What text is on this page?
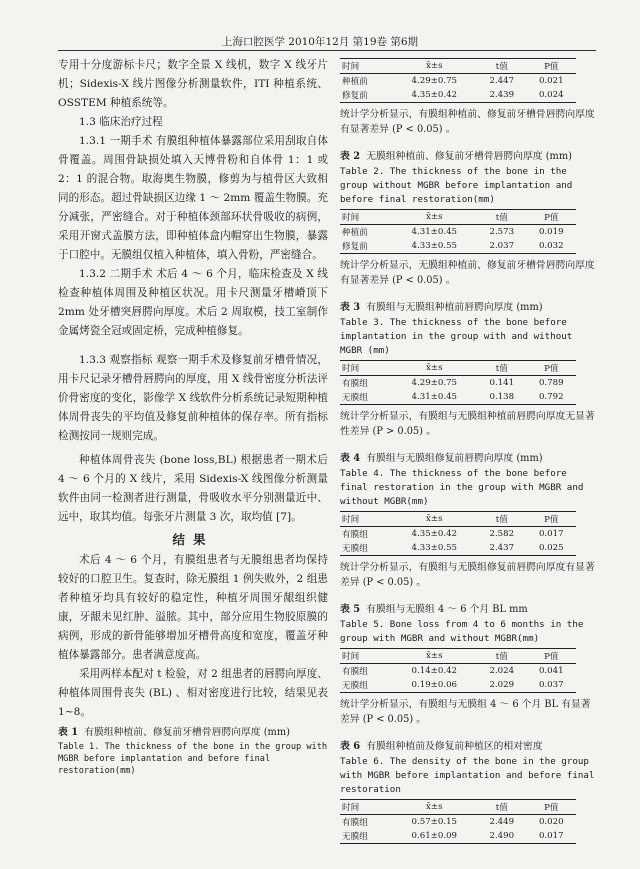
上海口腔医学 2010年12月 第19卷 第6期

专用十分度游标卡尺；数字全景 X 线机，数字 X 线牙片机；Sidexis-X 线片图像分析测量软件，ITI 种植系统、OSSTEM 种植系统等。

1.3 临床治疗过程

1.3.1 一期手术 有膜组种植体暴露部位采用刮取自体骨覆盖。周围骨缺损处填入天博骨粉和自体骨 1：1 或 2：1 的混合物。取海奥生物膜，修剪为与植骨区大致相同的形态。超过骨缺损区边缘 1 ～ 2mm 覆盖生物膜。充分减张，严密缝合。对于种植体颈部环状骨吸收的病例，采用开窗式盖膜方法，即种植体盒内帽穿出生物膜，暴露于口腔中。无膜组仅植入种植体，填入骨粉，严密缝合。

1.3.2 二期手术 术后 4 ～ 6 个月，临床检查及 X 线检查种植体周围及种植区状况。用卡尺测量牙槽嵴顶下 2mm 处牙槽突唇腭向厚度。术后 2 周取模，技工室制作金属烤瓷全冠或固定桥，完成种植修复。

1.3.3 观察指标 观察一期手术及修复前牙槽骨情况，用卡尺记录牙槽骨唇腭向的厚度，用 X 线骨密度分析法评价骨密度的变化，影像学 X 线软件分析系统记录短期种植体周骨丧失的平均值及修复前种植体的保存率。所有指标检测按同一规则完成。

种植体周骨丧失 (bone loss,BL) 根据患者一期术后 4 ～ 6 个月的 X 线片，采用 Sidexis-X 线图像分析测量软件由同一检测者进行测量，骨吸收水平分别测量近中、远中，取其均值。每张牙片测量 3 次，取均值 [7]。

结果

术后 4 ～ 6 个月，有膜组患者与无膜组患者均保持较好的口腔卫生。复查时，除无膜组 1 例失败外，2 组患者种植牙均具有较好的稳定性，种植牙周围牙龈组织健康，牙龈未见红肿、溢脓。其中，部分应用生物胶原膜的病例，形成的新骨能够增加牙槽骨高度和宽度，覆盖牙种植体暴露部分。患者满意度高。

采用两样本配对 t 检验，对 2 组患者的唇腭向厚度、种植体周围骨丧失 (BL) 、相对密度进行比较，结果见表 1~8。

表 1 有膜组种植前、修复前牙槽骨唇腭向厚度 (mm)

Table 1. The thickness of the bone in the group with MGBR before implantation and before final restoration(mm)

时间	x̄±s	t值	P值
种植前	4.29±0.75	2.447	0.021
修复前	4.35±0.42	2.439	0.024

统计学分析显示，有膜组种植前、修复前牙槽骨唇腭向厚度有显著差异 (P < 0.05) 。

表 2 无膜组种植前、修复前牙槽骨唇腭向厚度 (mm)

Table 2. The thickness of the bone in the group without MGBR before implantation and before final restoration(mm)

时间	x̄±s	t值	P值
种植前	4.31±0.45	2.573	0.019
修复前	4.33±0.55	2.037	0.032

统计学分析显示，无膜组种植前、修复前牙槽骨唇腭向厚度有显著差异 (P < 0.05) 。

表 3 有膜组与无膜组种植前唇腭向厚度 (mm)

Table 3. The thickness of the bone before implantation in the group with and without MGBR (mm)

时间	x̄±s	t值	P值
有膜组	4.29±0.75	0.141	0.789
无膜组	4.31±0.45	0.138	0.792

统计学分析显示，有膜组与无膜组种植前唇腭向厚度无显著性差异 (P > 0.05) 。

表 4 有膜组与无膜组修复前唇腭向厚度 (mm)

Table 4. The thickness of the bone before final restoration in the group with MGBR and without MGBR(mm)

时间	x̄±s	t值	P值
有膜组	4.35±0.42	2.582	0.017
无膜组	4.33±0.55	2.437	0.025

统计学分析显示，有膜组与无膜组修复前唇腭向厚度有显著差异 (P < 0.05) 。

表 5 有膜组与无膜组 4 ～ 6 个月 BL mm

Table 5. Bone loss from 4 to 6 months in the group with MGBR and without MGBR(mm)

时间	x̄±s	t值	P值
有膜组	0.14±0.42	2.024	0.041
无膜组	0.19±0.06	2.029	0.037

统计学分析显示，有膜组与无膜组 4 ～ 6 个月 BL 有显著差异 (P < 0.05) 。

表 6 有膜组种植前及修复前种植区的相对密度

Table 6. The density of the bone in the group with MGBR before implantation and before final restoration

时间	x̄±s	t值	P值
有膜组	0.57±0.15	2.449	0.020
无膜组	0.61±0.09	2.490	0.017
